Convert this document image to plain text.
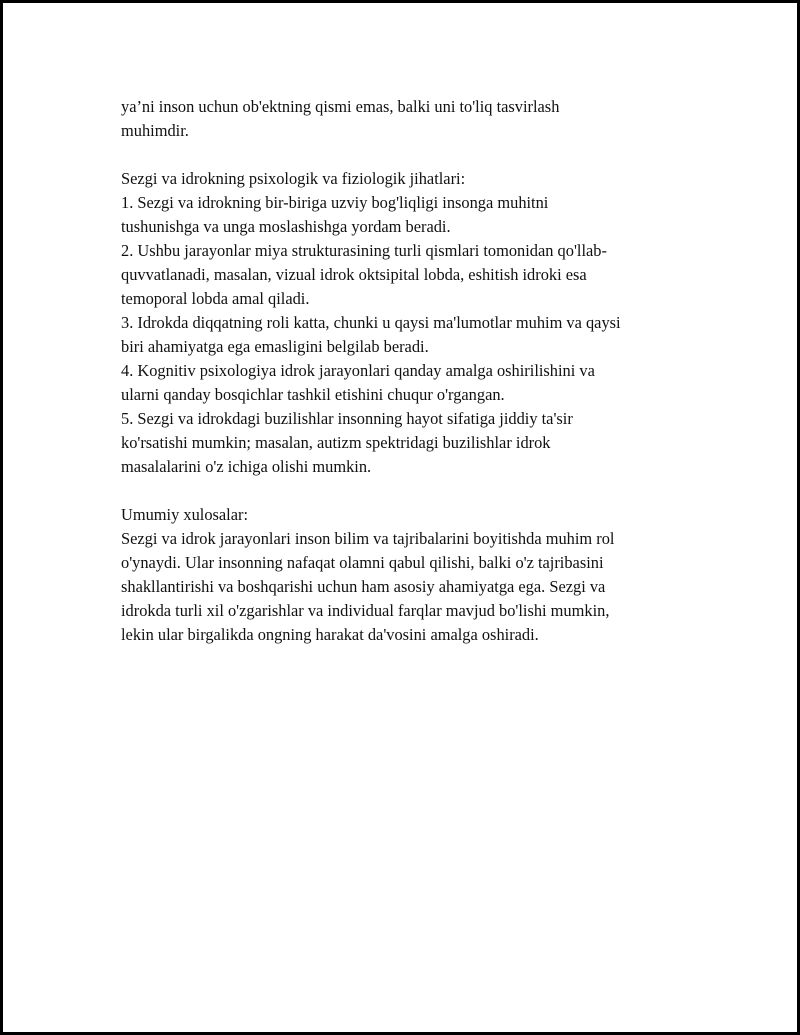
ya’ni inson uchun ob'ektning qismi emas, balki uni to'liq tasvirlash
muhimdir.

Sezgi va idrokning psixologik va fiziologik jihatlari:
1. Sezgi va idrokning bir-biriga uzviy bog'liqligi insonga muhitni
tushunishga va unga moslashishga yordam beradi.
2. Ushbu jarayonlar miya strukturasining turli qismlari tomonidan qo'llab-
quvvatlanadi, masalan, vizual idrok oktsipital lobda, eshitish idroki esa
temoporal lobda amal qiladi.
3. Idrokda diqqatning roli katta, chunki u qaysi ma'lumotlar muhim va qaysi
biri ahamiyatga ega emasligini belgilab beradi.
4. Kognitiv psixologiya idrok jarayonlari qanday amalga oshirilishini va
ularni qanday bosqichlar tashkil etishini chuqur o'rgangan.
5. Sezgi va idrokdagi buzilishlar insonning hayot sifatiga jiddiy ta'sir
ko'rsatishi mumkin; masalan, autizm spektridagi buzilishlar idrok
masalalarini o'z ichiga olishi mumkin.

Umumiy xulosalar:
Sezgi va idrok jarayonlari inson bilim va tajribalarini boyitishda muhim rol
o'ynaydi. Ular insonning nafaqat olamni qabul qilishi, balki o'z tajribasini
shakllantirishi va boshqarishi uchun ham asosiy ahamiyatga ega. Sezgi va
idrokda turli xil o'zgarishlar va individual farqlar mavjud bo'lishi mumkin,
lekin ular birgalikda ongning harakat da'vosini amalga oshiradi.
